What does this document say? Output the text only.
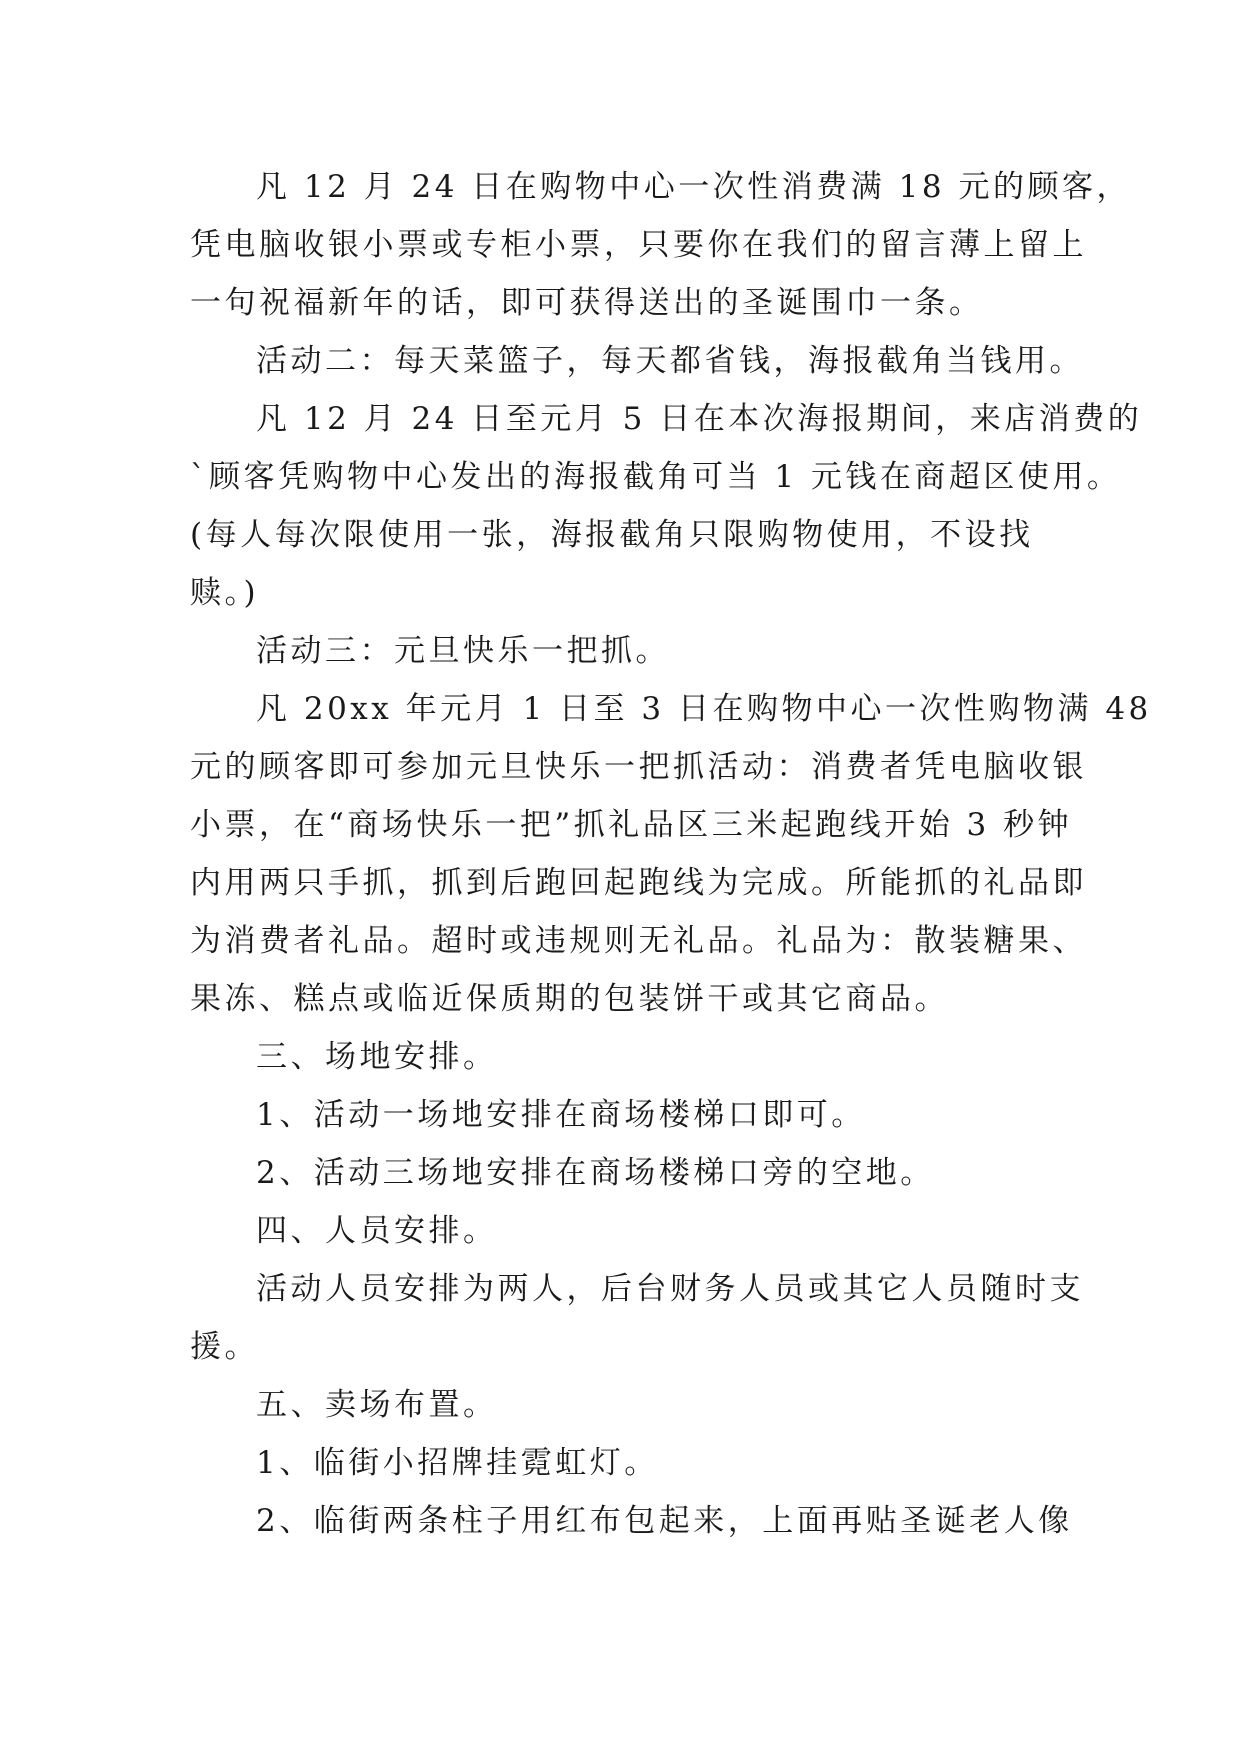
凡 12 月 24 日在购物中心一次性消费满 18 元的顾客，
凭电脑收银小票或专柜小票，只要你在我们的留言薄上留上
一句祝福新年的话，即可获得送出的圣诞围巾一条。
活动二：每天菜篮子，每天都省钱，海报截角当钱用。
凡 12 月 24 日至元月 5 日在本次海报期间，来店消费的
`顾客凭购物中心发出的海报截角可当 1 元钱在商超区使用。
(每人每次限使用一张，海报截角只限购物使用，不设找
赎。)
活动三：元旦快乐一把抓。
凡 20xx 年元月 1 日至 3 日在购物中心一次性购物满 48
元的顾客即可参加元旦快乐一把抓活动：消费者凭电脑收银
小票，在“商场快乐一把”抓礼品区三米起跑线开始 3 秒钟
内用两只手抓，抓到后跑回起跑线为完成。所能抓的礼品即
为消费者礼品。超时或违规则无礼品。礼品为：散装糖果、
果冻、糕点或临近保质期的包装饼干或其它商品。
三、场地安排。
1、活动一场地安排在商场楼梯口即可。
2、活动三场地安排在商场楼梯口旁的空地。
四、人员安排。
活动人员安排为两人，后台财务人员或其它人员随时支
援。
五、卖场布置。
1、临街小招牌挂霓虹灯。
2、临街两条柱子用红布包起来，上面再贴圣诞老人像
